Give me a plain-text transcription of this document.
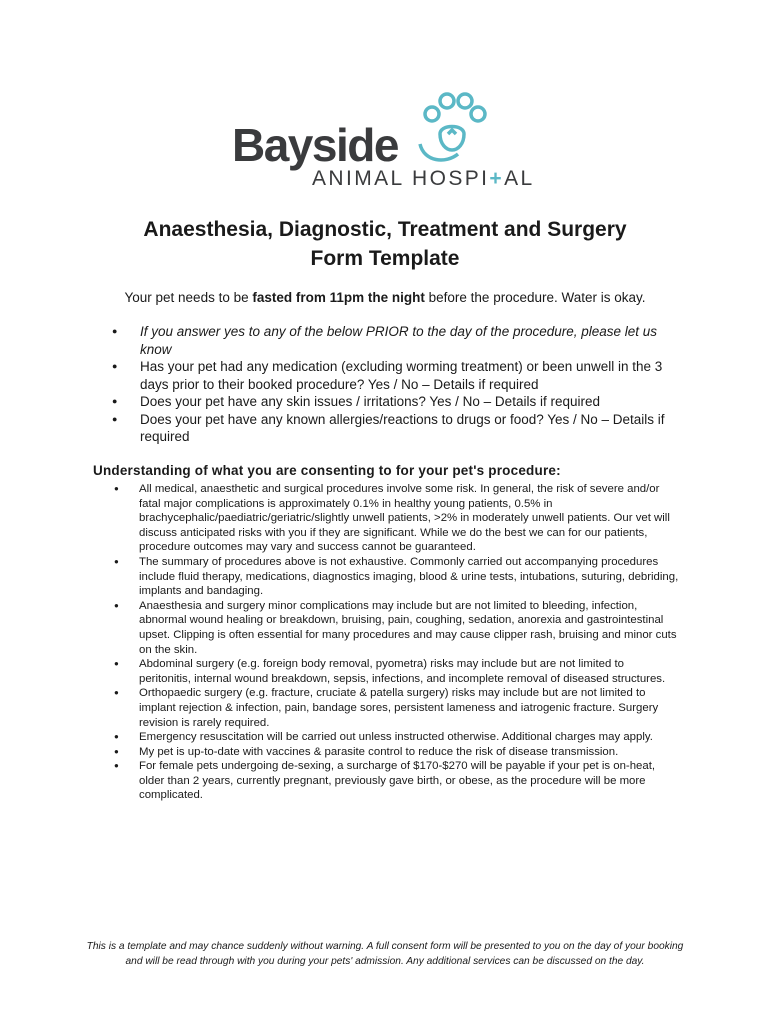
Bayside
ANIMAL HOSPI+AL
Anaesthesia, Diagnostic, Treatment and Surgery
Form Template

Your pet needs to be fasted from 11pm the night before the procedure. Water is okay.

● If you answer yes to any of the below PRIOR to the day of the procedure, please let us know
● Has your pet had any medication (excluding worming treatment) or been unwell in the 3 days prior to their booked procedure? Yes / No – Details if required
● Does your pet have any skin issues / irritations? Yes / No – Details if required
● Does your pet have any known allergies/reactions to drugs or food? Yes / No – Details if required

Understanding of what you are consenting to for your pet's procedure:

● All medical, anaesthetic and surgical procedures involve some risk. In general, the risk of severe and/or fatal major complications is approximately 0.1% in healthy young patients, 0.5% in brachycephalic/paediatric/geriatric/slightly unwell patients, >2% in moderately unwell patients. Our vet will discuss anticipated risks with you if they are significant. While we do the best we can for our patients, procedure outcomes may vary and success cannot be guaranteed.
● The summary of procedures above is not exhaustive. Commonly carried out accompanying procedures include fluid therapy, medications, diagnostics imaging, blood & urine tests, intubations, suturing, debriding, implants and bandaging.
● Anaesthesia and surgery minor complications may include but are not limited to bleeding, infection, abnormal wound healing or breakdown, bruising, pain, coughing, sedation, anorexia and gastrointestinal upset. Clipping is often essential for many procedures and may cause clipper rash, bruising and minor cuts on the skin.
● Abdominal surgery (e.g. foreign body removal, pyometra) risks may include but are not limited to peritonitis, internal wound breakdown, sepsis, infections, and incomplete removal of diseased structures.
● Orthopaedic surgery (e.g. fracture, cruciate & patella surgery) risks may include but are not limited to implant rejection & infection, pain, bandage sores, persistent lameness and iatrogenic fracture. Surgery revision is rarely required.
● Emergency resuscitation will be carried out unless instructed otherwise. Additional charges may apply.
● My pet is up-to-date with vaccines & parasite control to reduce the risk of disease transmission.
● For female pets undergoing de-sexing, a surcharge of $170-$270 will be payable if your pet is on-heat, older than 2 years, currently pregnant, previously gave birth, or obese, as the procedure will be more complicated.

This is a template and may chance suddenly without warning. A full consent form will be presented to you on the day of your booking and will be read through with you during your pets' admission. Any additional services can be discussed on the day.
